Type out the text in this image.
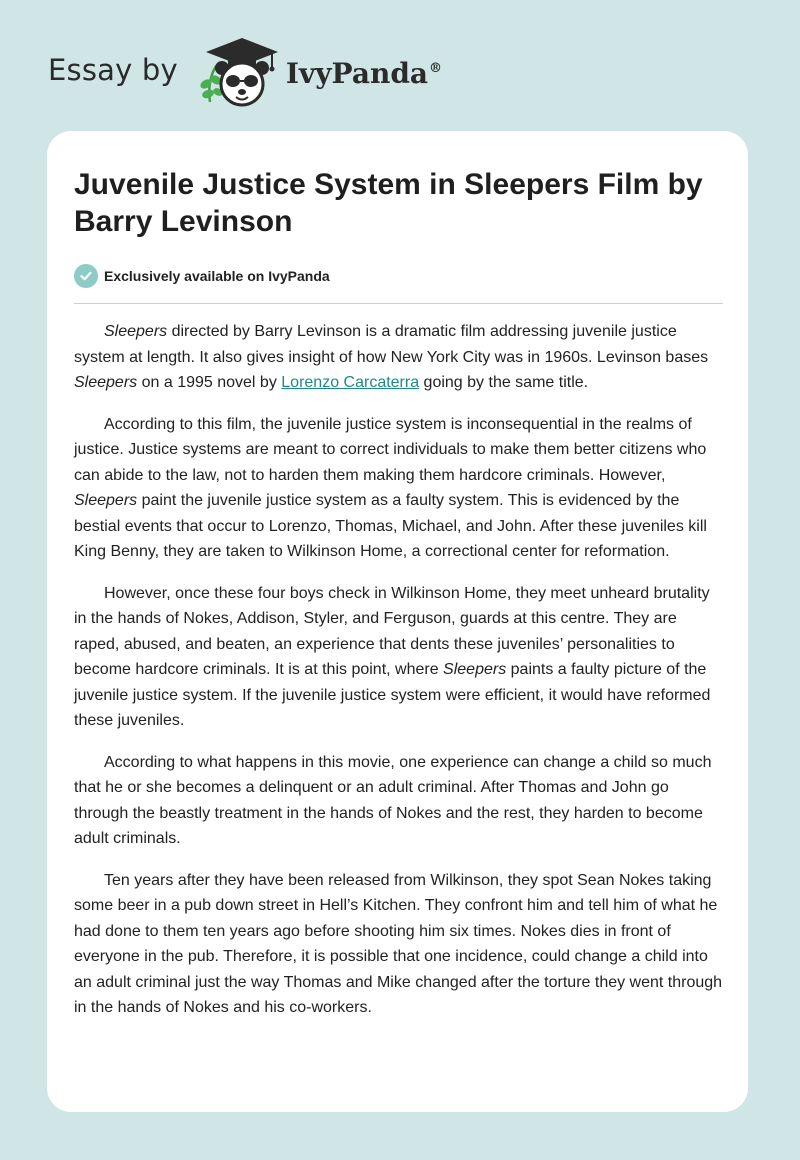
Essay by	IvyPanda®
Juvenile Justice System in Sleepers Film by Barry Levinson
Exclusively available on IvyPanda

Sleepers directed by Barry Levinson is a dramatic film addressing juvenile justice system at length. It also gives insight of how New York City was in 1960s. Levinson bases Sleepers on a 1995 novel by Lorenzo Carcaterra going by the same title.

According to this film, the juvenile justice system is inconsequential in the realms of justice. Justice systems are meant to correct individuals to make them better citizens who can abide to the law, not to harden them making them hardcore criminals. However, Sleepers paint the juvenile justice system as a faulty system. This is evidenced by the bestial events that occur to Lorenzo, Thomas, Michael, and John. After these juveniles kill King Benny, they are taken to Wilkinson Home, a correctional center for reformation.

However, once these four boys check in Wilkinson Home, they meet unheard brutality in the hands of Nokes, Addison, Styler, and Ferguson, guards at this centre. They are raped, abused, and beaten, an experience that dents these juveniles’ personalities to become hardcore criminals. It is at this point, where Sleepers paints a faulty picture of the juvenile justice system. If the juvenile justice system were efficient, it would have reformed these juveniles.

According to what happens in this movie, one experience can change a child so much that he or she becomes a delinquent or an adult criminal. After Thomas and John go through the beastly treatment in the hands of Nokes and the rest, they harden to become adult criminals.

Ten years after they have been released from Wilkinson, they spot Sean Nokes taking some beer in a pub down street in Hell’s Kitchen. They confront him and tell him of what he had done to them ten years ago before shooting him six times. Nokes dies in front of everyone in the pub. Therefore, it is possible that one incidence, could change a child into an adult criminal just the way Thomas and Mike changed after the torture they went through in the hands of Nokes and his co-workers.
